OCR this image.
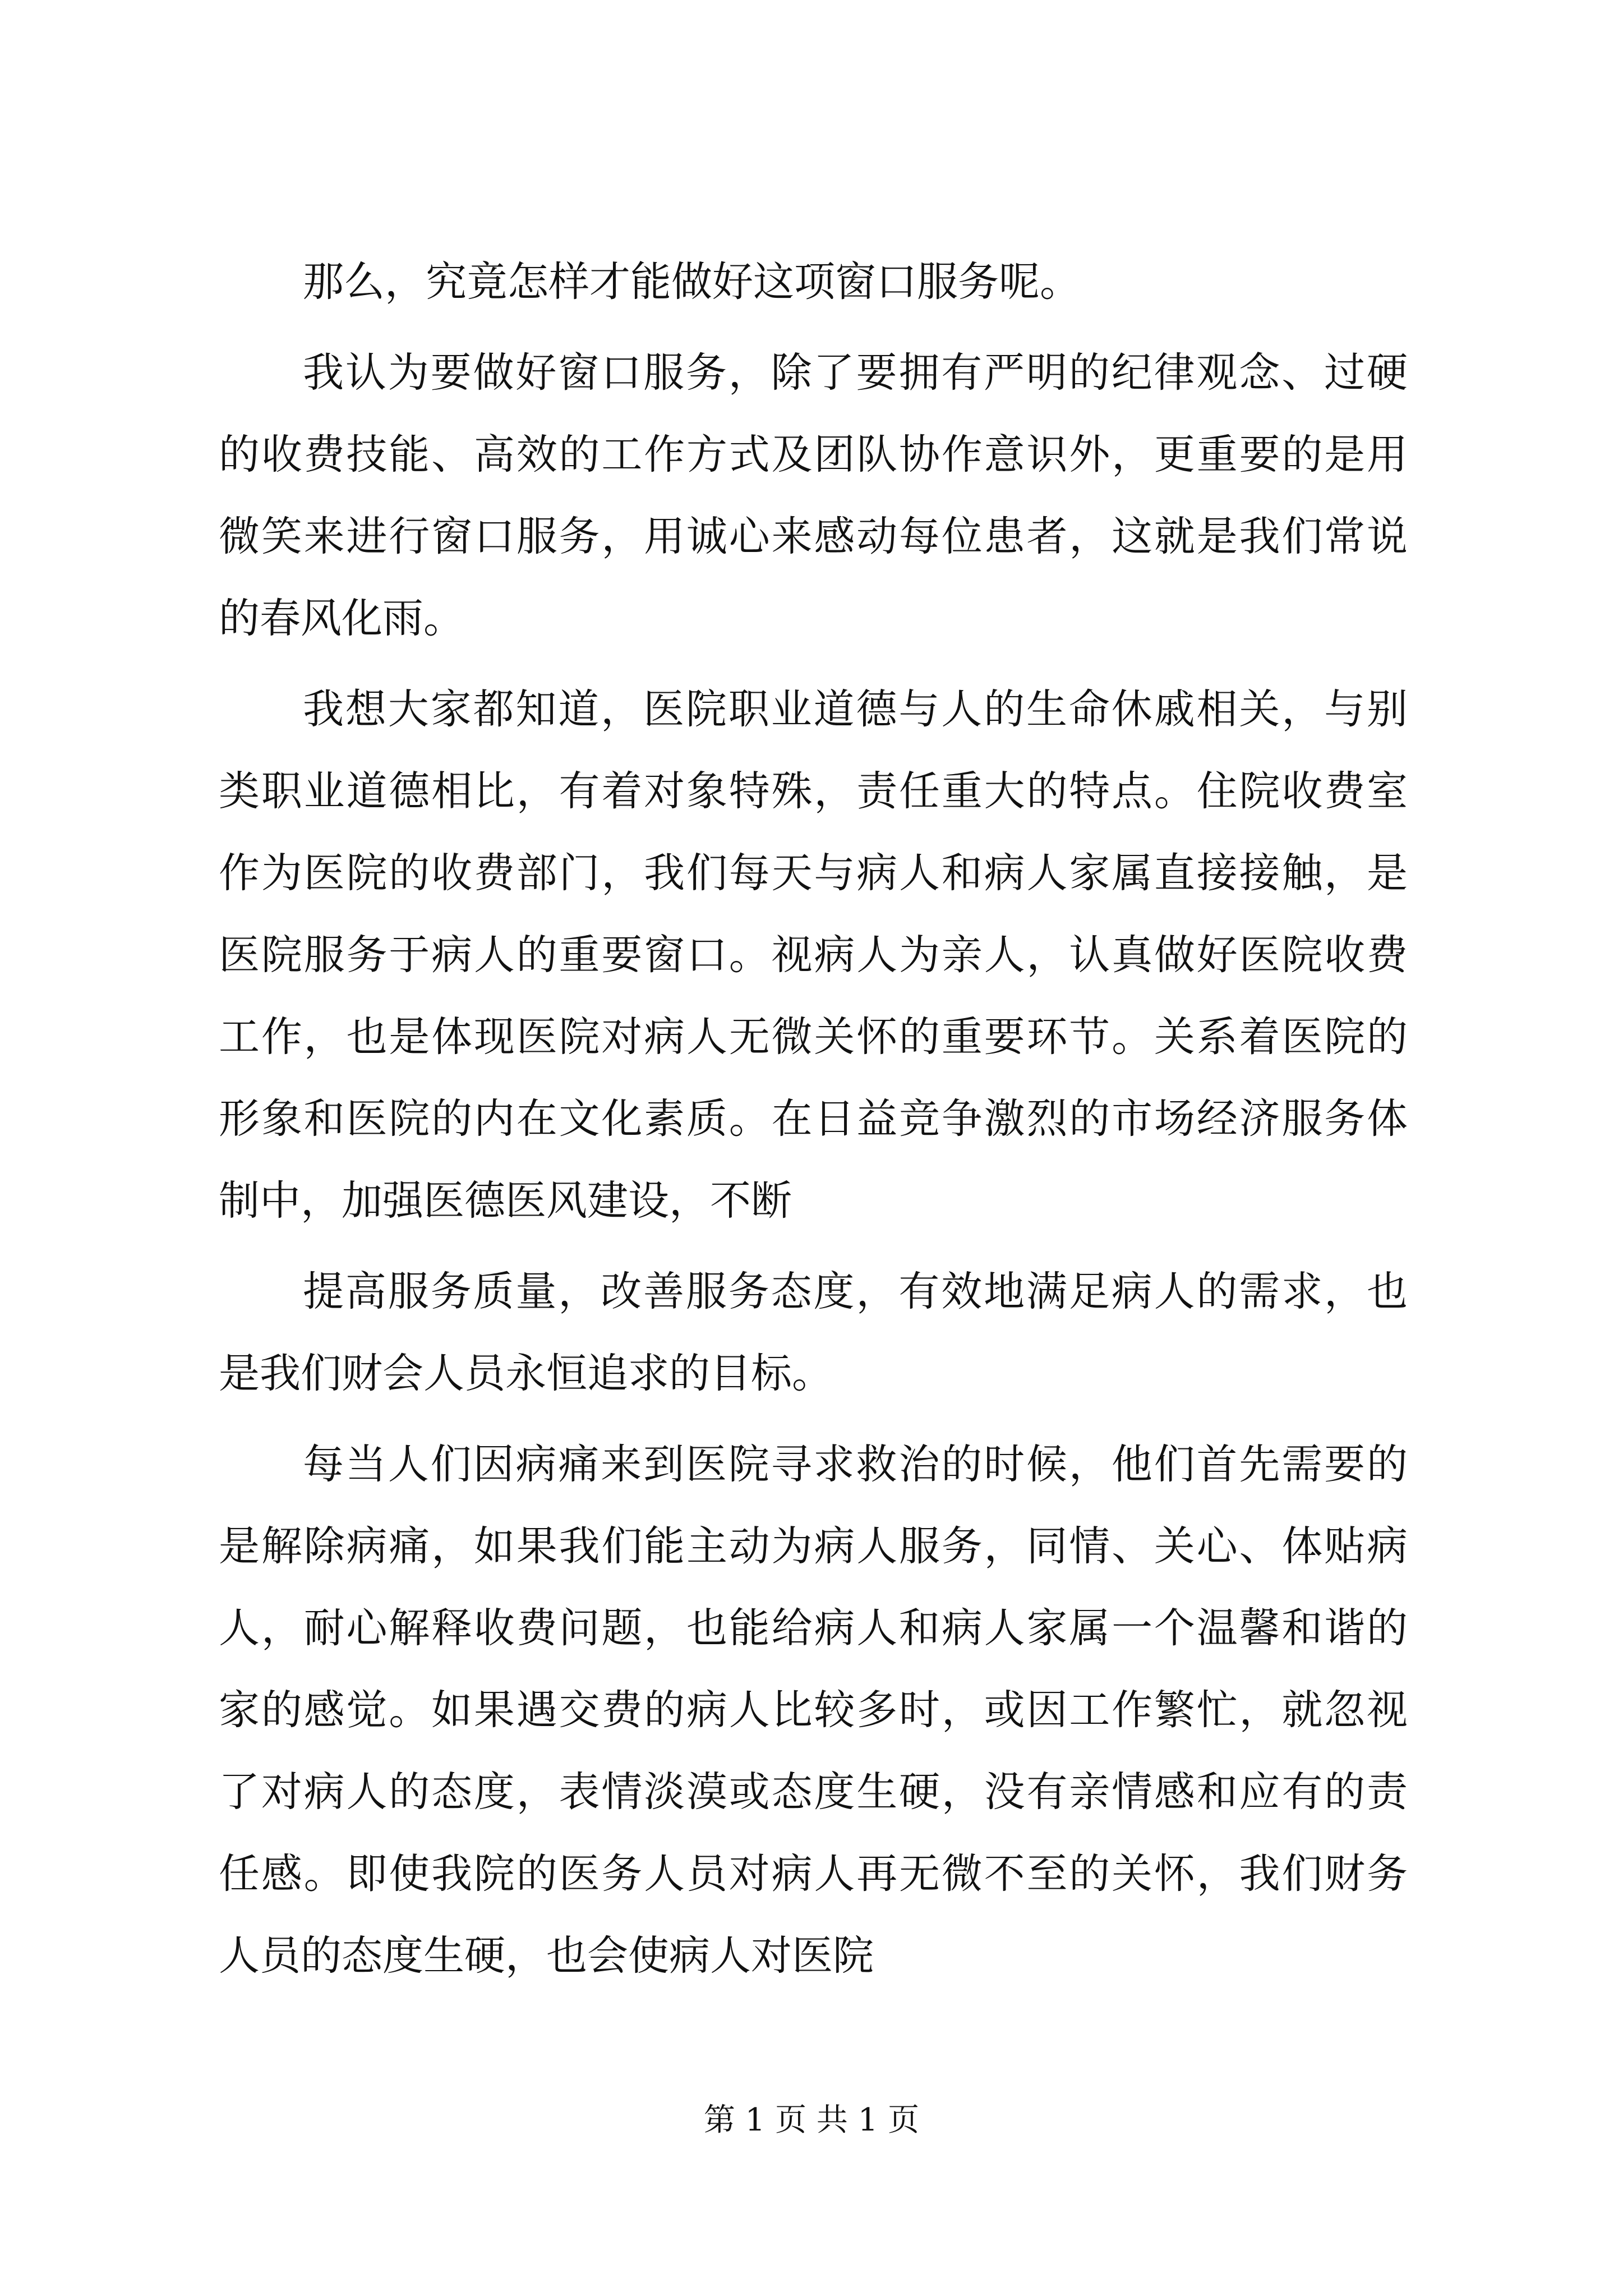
那么，究竟怎样才能做好这项窗口服务呢。
我认为要做好窗口服务，除了要拥有严明的纪律观念、过硬
的收费技能、高效的工作方式及团队协作意识外，更重要的是用
微笑来进行窗口服务，用诚心来感动每位患者，这就是我们常说
的春风化雨。
我想大家都知道，医院职业道德与人的生命休戚相关，与别
类职业道德相比，有着对象特殊，责任重大的特点。住院收费室
作为医院的收费部门，我们每天与病人和病人家属直接接触，是
医院服务于病人的重要窗口。视病人为亲人，认真做好医院收费
工作，也是体现医院对病人无微关怀的重要环节。关系着医院的
形象和医院的内在文化素质。在日益竞争激烈的市场经济服务体
制中，加强医德医风建设，不断
提高服务质量，改善服务态度，有效地满足病人的需求，也
是我们财会人员永恒追求的目标。
每当人们因病痛来到医院寻求救治的时候，他们首先需要的
是解除病痛，如果我们能主动为病人服务，同情、关心、体贴病
人，耐心解释收费问题，也能给病人和病人家属一个温馨和谐的
家的感觉。如果遇交费的病人比较多时，或因工作繁忙，就忽视
了对病人的态度，表情淡漠或态度生硬，没有亲情感和应有的责
任感。即使我院的医务人员对病人再无微不至的关怀，我们财务
人员的态度生硬，也会使病人对医院
第 1 页 共 1 页
